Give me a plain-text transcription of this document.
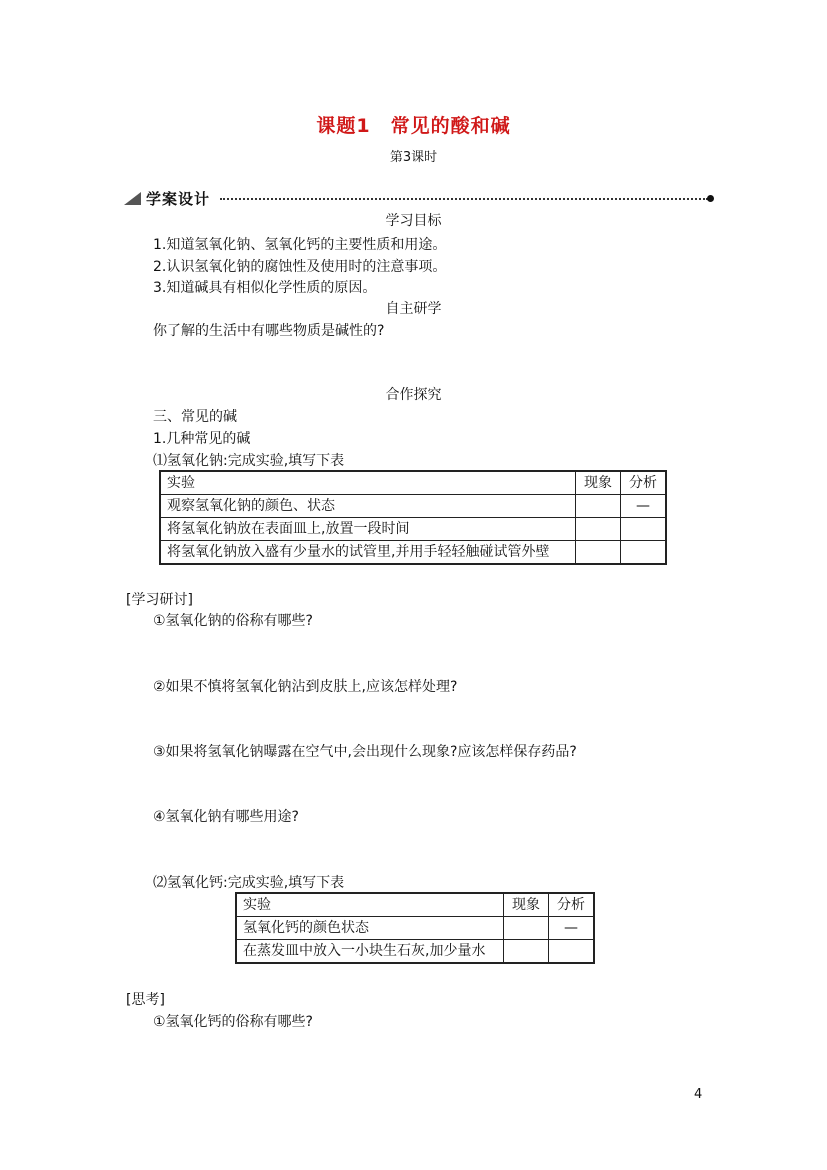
课题1　常见的酸和碱
第3课时
学案设计
学习目标
1.知道氢氧化钠、氢氧化钙的主要性质和用途。
2.认识氢氧化钠的腐蚀性及使用时的注意事项。
3.知道碱具有相似化学性质的原因。
自主研学
你了解的生活中有哪些物质是碱性的?
合作探究
三、常见的碱
1.几种常见的碱
⑴氢氧化钠:完成实验,填写下表
实验	现象	分析
观察氢氧化钠的颜色、状态		—
将氢氧化钠放在表面皿上,放置一段时间		
将氢氧化钠放入盛有少量水的试管里,并用手轻轻触碰试管外壁		
[学习研讨]
①氢氧化钠的俗称有哪些?
②如果不慎将氢氧化钠沾到皮肤上,应该怎样处理?
③如果将氢氧化钠曝露在空气中,会出现什么现象?应该怎样保存药品?
④氢氧化钠有哪些用途?
⑵氢氧化钙:完成实验,填写下表
实验	现象	分析
氢氧化钙的颜色状态		—
在蒸发皿中放入一小块生石灰,加少量水		
[思考]
①氢氧化钙的俗称有哪些?
4
